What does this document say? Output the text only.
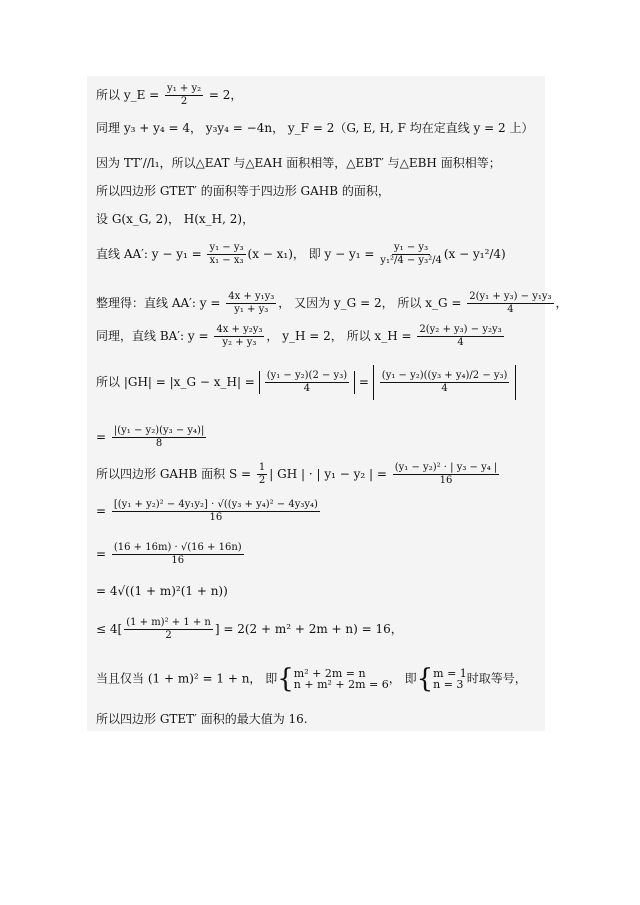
所以 y_E = $\frac{\text{y₁ + y₂}}{2} = 2$，
同理 y₃ + y₄ = 4， y₃y₄ = −4n， y_F = 2（G, E, H, F 均在定直线 y = 2 上）
因为 TT′//l₁，所以△EAT 与△EAH 面积相等，△EBT′ 与△EBH 面积相等；
所以四边形 GTET′ 的面积等于四边形 GAHB 的面积，
设 G(x_G, 2)， H(x_H, 2)，
直线 AA′: $y - y_1 = \frac{\text{y₁ − y₃}}{\text{x₁ − x₃}} (x - x_1)$， 即 $y - y_1 = \frac{\text{y₁ − y₃}}{\text{y₁²/4 − y₃²/4}} (x - y_1^2/4)$
整理得：直线 AA′: $y = \frac{\text{4x + y₁y₃}}{\text{y₁ + y₃}}$ ， 又因为 y_G = 2， 所以 x_G = $\frac{\text{2(y₁ + y₃) − y₁y₃}}{4}$ ，
同理，直线 BA′: $y = \frac{\text{4x + y₂y₃}}{\text{y₂ + y₃}}$ ， y_H = 2， 所以 x_H = $\frac{\text{2(y₂ + y₃) − y₂y₃}}{4}$
所以 |GH| = |x_G − x_H| = $\frac{\text{(y₁ − y₂)(2 − y₃)}}{4} = \frac{\text{(y₁ − y₂)((y₃ + y₄)/2 − y₃)}}{4}$
= $\frac{\text{|(y₁ − y₂)(y₃ − y₄)|}}{8}$
所以四边形 GAHB 面积 $S = \frac{1}{2}$ | GH | · | y₁ − y₂ | = $\frac{\text{(y₁ − y₂)² · | y₃ − y₄ |}}{16}$
= $\frac{\text{[(y₁ + y₂)² − 4y₁y₂] · √((y₃ + y₄)² − 4y₃y₄)}}{16}$
= $\frac{(16 + 16m) \cdot √(16 + 16n)}{16}$
= 4√((1 + m)²(1 + n))
≤ $4[ \frac{\text{(1 + m)² + 1 + n}}{2}$ ] = 2(2 + m² + 2m + n) = 16，
当且仅当 (1 + m)² = 1 + n， 即{ m² + 2m = n
n + m² + 2m = 6 ， 即{ m = 1
n = 3 时取等号，
所以四边形 GTET′ 面积的最大值为 16.
